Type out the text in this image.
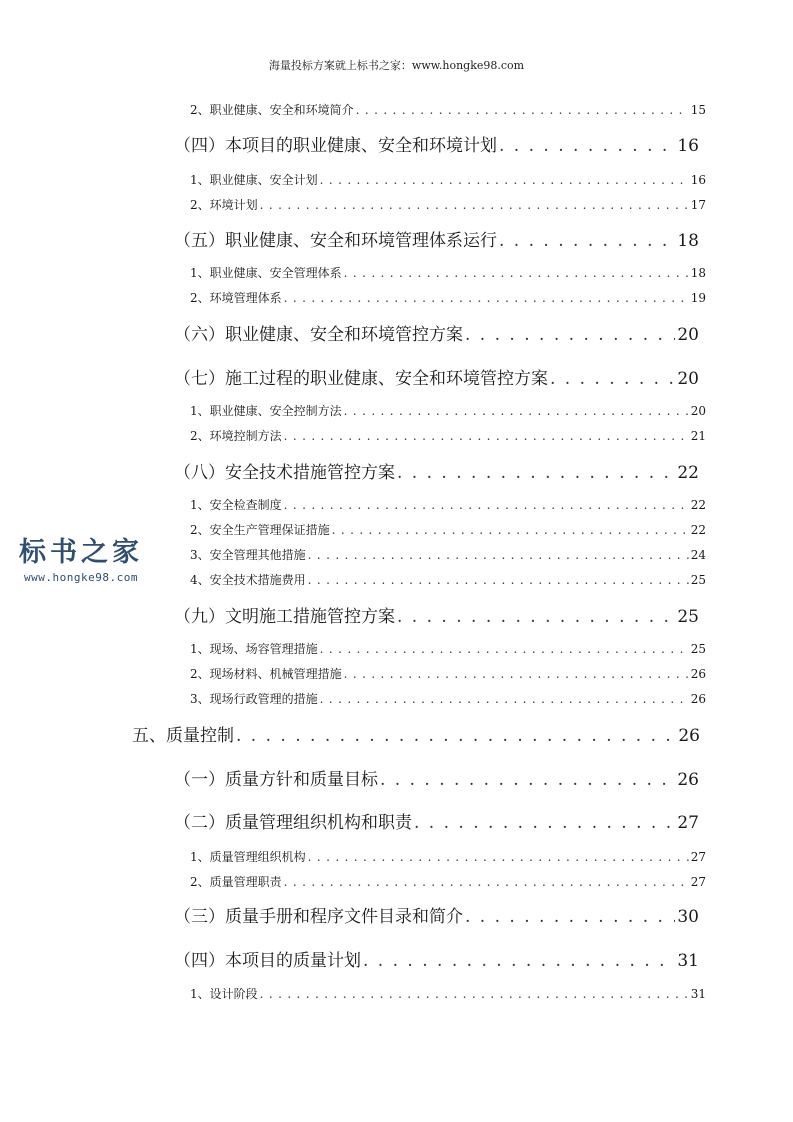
海量投标方案就上标书之家：www.hongke98.com
2、职业健康、安全和环境简介 . . .	15
（四）本项目的职业健康、安全和环境计划 . . .	16
1、职业健康、安全计划 . . .	16
2、环境计划 . . .	17
（五）职业健康、安全和环境管理体系运行 . . .	18
1、职业健康、安全管理体系 . . .	18
2、环境管理体系 . . .	19
（六）职业健康、安全和环境管控方案 . . .	20
（七）施工过程的职业健康、安全和环境管控方案 . . .	20
1、职业健康、安全控制方法 . . .	20
2、环境控制方法 . . .	21
（八）安全技术措施管控方案 . . .	22
1、安全检查制度 . . .	22
2、安全生产管理保证措施 . . .	22
3、安全管理其他措施 . . .	24
4、安全技术措施费用 . . .	25
（九）文明施工措施管控方案 . . .	25
1、现场、场容管理措施 . . .	25
2、现场材料、机械管理措施 . . .	26
3、现场行政管理的措施 . . .	26
五、质量控制 . . .	26
（一）质量方针和质量目标 . . .	26
（二）质量管理组织机构和职责 . . .	27
1、质量管理组织机构 . . .	27
2、质量管理职责 . . .	27
（三）质量手册和程序文件目录和简介 . . .	30
（四）本项目的质量计划 . . .	31
1、设计阶段 . . .	31
标书之家
www.hongke98.com
